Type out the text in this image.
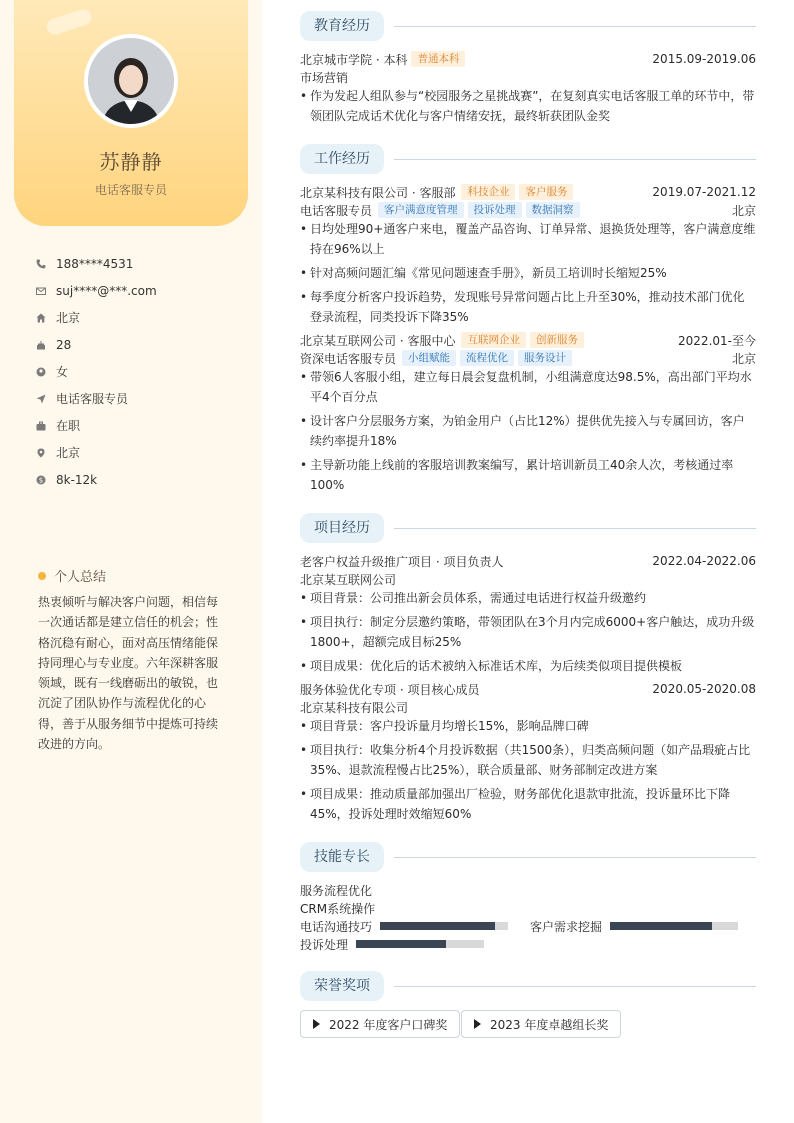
苏静静
电话客服专员
188****4531
suj****@***.com
北京
28
女
电话客服专员
在职
北京
$ 8k-12k
个人总结
热衷倾听与解决客户问题，相信每一次通话都是建立信任的机会；性格沉稳有耐心，面对高压情绪能保持同理心与专业度。六年深耕客服领域，既有一线磨砺出的敏锐，也沉淀了团队协作与流程优化的心得，善于从服务细节中提炼可持续改进的方向。
教育经历
北京城市学院 · 本科 普通本科	2015.09-2019.06
市场营销
• 作为发起人组队参与“校园服务之星挑战赛”，在复刻真实电话客服工单的环节中，带领团队完成话术优化与客户情绪安抚，最终斩获团队金奖
工作经历
北京某科技有限公司 · 客服部	科技企业	客户服务	2019.07-2021.12
电话客服专员	客户满意度管理	投诉处理	数据洞察	北京
• 日均处理90+通客户来电，覆盖产品咨询、订单异常、退换货处理等，客户满意度维持在96%以上
• 针对高频问题汇编《常见问题速查手册》，新员工培训时长缩短25%
• 每季度分析客户投诉趋势，发现账号异常问题占比上升至30%，推动技术部门优化登录流程，同类投诉下降35%
北京某互联网公司 · 客服中心	互联网企业	创新服务	2022.01-至今
资深电话客服专员	小组赋能	流程优化	服务设计	北京
• 带领6人客服小组，建立每日晨会复盘机制，小组满意度达98.5%，高出部门平均水平4个百分点
• 设计客户分层服务方案，为铂金用户（占比12%）提供优先接入与专属回访，客户续约率提升18%
• 主导新功能上线前的客服培训教案编写，累计培训新员工40余人次，考核通过率100%
项目经历
老客户权益升级推广项目 · 项目负责人	2022.04-2022.06
北京某互联网公司
• 项目背景：公司推出新会员体系，需通过电话进行权益升级邀约
• 项目执行：制定分层邀约策略，带领团队在3个月内完成6000+客户触达，成功升级1800+，超额完成目标25%
• 项目成果：优化后的话术被纳入标准话术库，为后续类似项目提供模板
服务体验优化专项 · 项目核心成员	2020.05-2020.08
北京某科技有限公司
• 项目背景：客户投诉量月均增长15%，影响品牌口碑
• 项目执行：收集分析4个月投诉数据（共1500条），归类高频问题（如产品瑕疵占比35%、退款流程慢占比25%），联合质量部、财务部制定改进方案
• 项目成果：推动质量部加强出厂检验，财务部优化退款审批流，投诉量环比下降45%，投诉处理时效缩短60%
技能专长
服务流程优化
CRM系统操作
电话沟通技巧	客户需求挖掘
投诉处理
荣誉奖项
2022 年度客户口碑奖	2023 年度卓越组长奖
